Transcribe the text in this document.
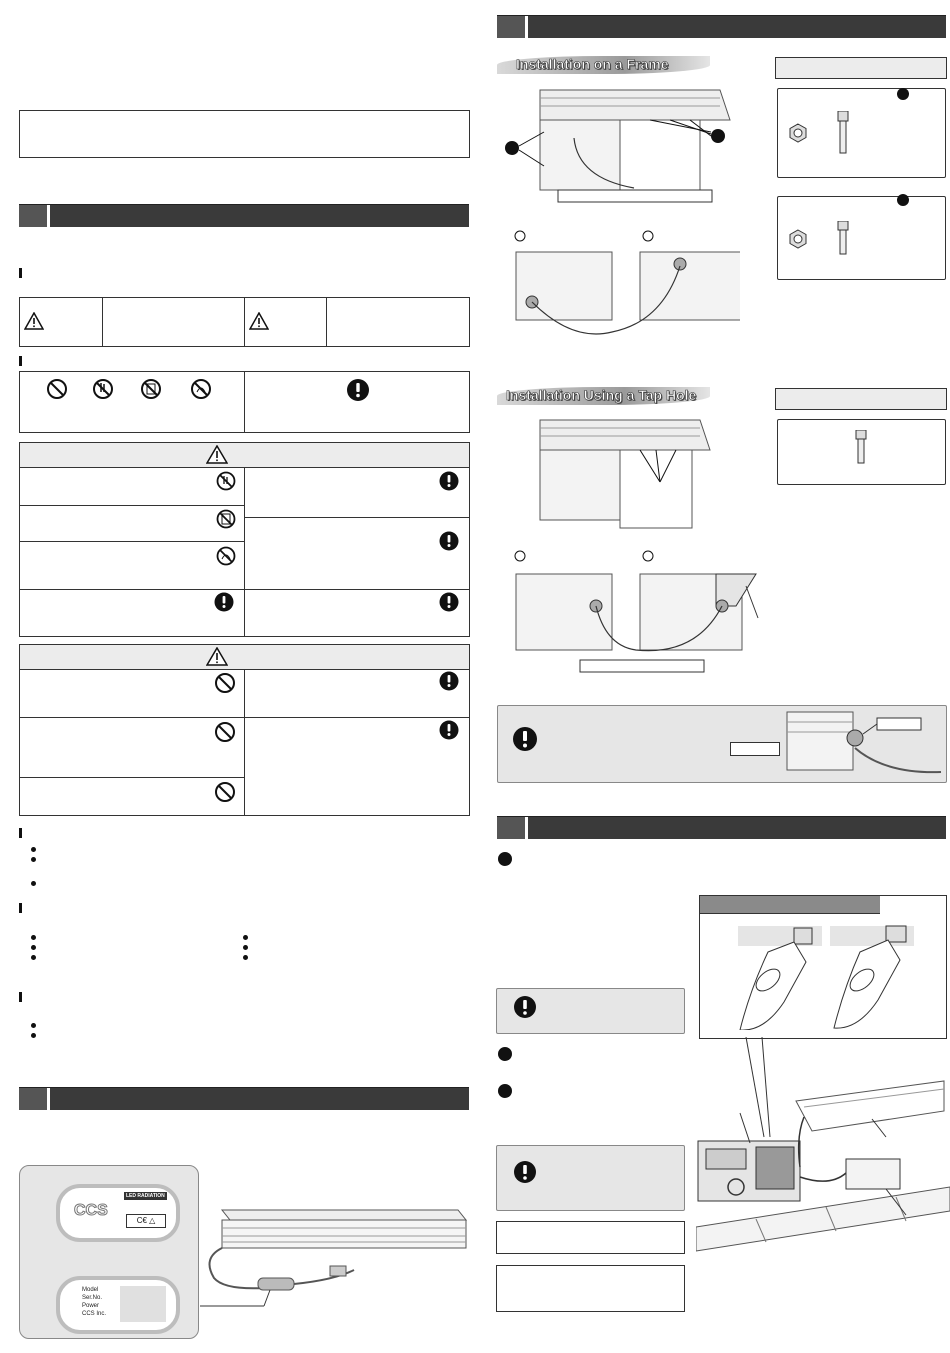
CCS
LED RADIATION
C€ △
Model
Ser.No.
Power
CCS Inc.
Installation on a Frame
Installation Using a Tap Hole
